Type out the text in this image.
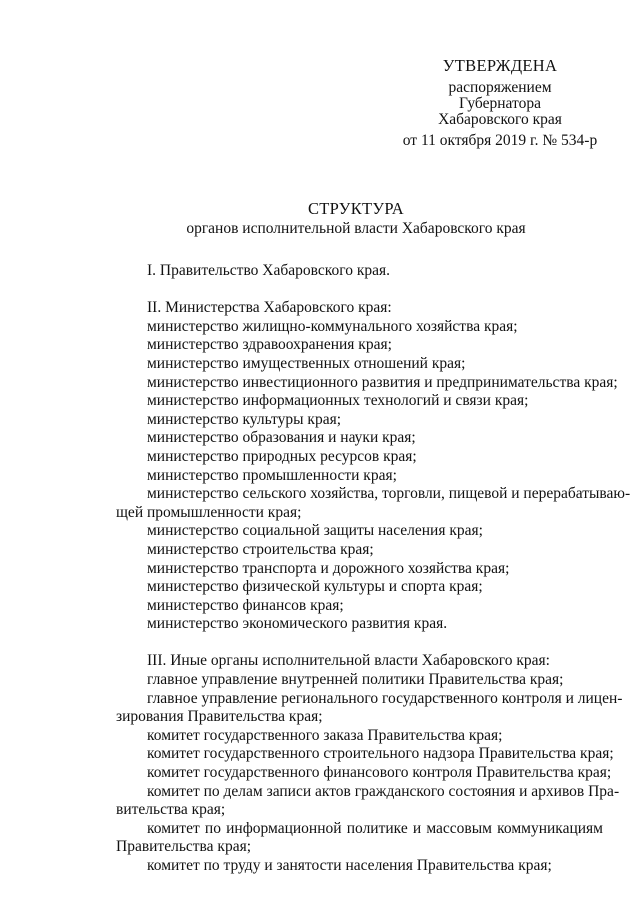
УТВЕРЖДЕНА
распоряжением
Губернатора
Хабаровского края
от 11 октября 2019 г. № 534-р
СТРУКТУРА
органов исполнительной власти Хабаровского края
I. Правительство Хабаровского края.
II. Министерства Хабаровского края:
министерство жилищно-коммунального хозяйства края;
министерство здравоохранения края;
министерство имущественных отношений края;
министерство инвестиционного развития и предпринимательства края;
министерство информационных технологий и связи края;
министерство культуры края;
министерство образования и науки края;
министерство природных ресурсов края;
министерство промышленности края;
министерство сельского хозяйства, торговли, пищевой и перерабатываю-
щей промышленности края;
министерство социальной защиты населения края;
министерство строительства края;
министерство транспорта и дорожного хозяйства края;
министерство физической культуры и спорта края;
министерство финансов края;
министерство экономического развития края.
III. Иные органы исполнительной власти Хабаровского края:
главное управление внутренней политики Правительства края;
главное управление регионального государственного контроля и лицен-
зирования Правительства края;
комитет государственного заказа Правительства края;
комитет государственного строительного надзора Правительства края;
комитет государственного финансового контроля Правительства края;
комитет по делам записи актов гражданского состояния и архивов Пра-
вительства края;
комитет по информационной политике и массовым коммуникациям
Правительства края;
комитет по труду и занятости населения Правительства края;
